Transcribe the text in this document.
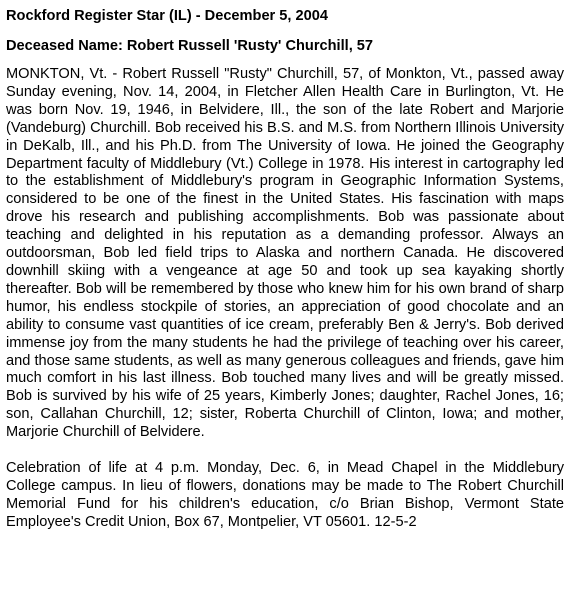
Rockford Register Star (IL) - December 5, 2004
Deceased Name: Robert Russell 'Rusty' Churchill, 57
MONKTON, Vt. - Robert Russell "Rusty" Churchill, 57, of Monkton, Vt., passed away Sunday evening, Nov. 14, 2004, in Fletcher Allen Health Care in Burlington, Vt. He was born Nov. 19, 1946, in Belvidere, Ill., the son of the late Robert and Marjorie (Vandeburg) Churchill. Bob received his B.S. and M.S. from Northern Illinois University in DeKalb, Ill., and his Ph.D. from The University of Iowa. He joined the Geography Department faculty of Middlebury (Vt.) College in 1978. His interest in cartography led to the establishment of Middlebury's program in Geographic Information Systems, considered to be one of the finest in the United States. His fascination with maps drove his research and publishing accomplishments. Bob was passionate about teaching and delighted in his reputation as a demanding professor. Always an outdoorsman, Bob led field trips to Alaska and northern Canada. He discovered downhill skiing with a vengeance at age 50 and took up sea kayaking shortly thereafter. Bob will be remembered by those who knew him for his own brand of sharp humor, his endless stockpile of stories, an appreciation of good chocolate and an ability to consume vast quantities of ice cream, preferably Ben & Jerry's. Bob derived immense joy from the many students he had the privilege of teaching over his career, and those same students, as well as many generous colleagues and friends, gave him much comfort in his last illness. Bob touched many lives and will be greatly missed. Bob is survived by his wife of 25 years, Kimberly Jones; daughter, Rachel Jones, 16; son, Callahan Churchill, 12; sister, Roberta Churchill of Clinton, Iowa; and mother, Marjorie Churchill of Belvidere.
Celebration of life at 4 p.m. Monday, Dec. 6, in Mead Chapel in the Middlebury College campus. In lieu of flowers, donations may be made to The Robert Churchill Memorial Fund for his children's education, c/o Brian Bishop, Vermont State Employee's Credit Union, Box 67, Montpelier, VT 05601. 12-5-2
